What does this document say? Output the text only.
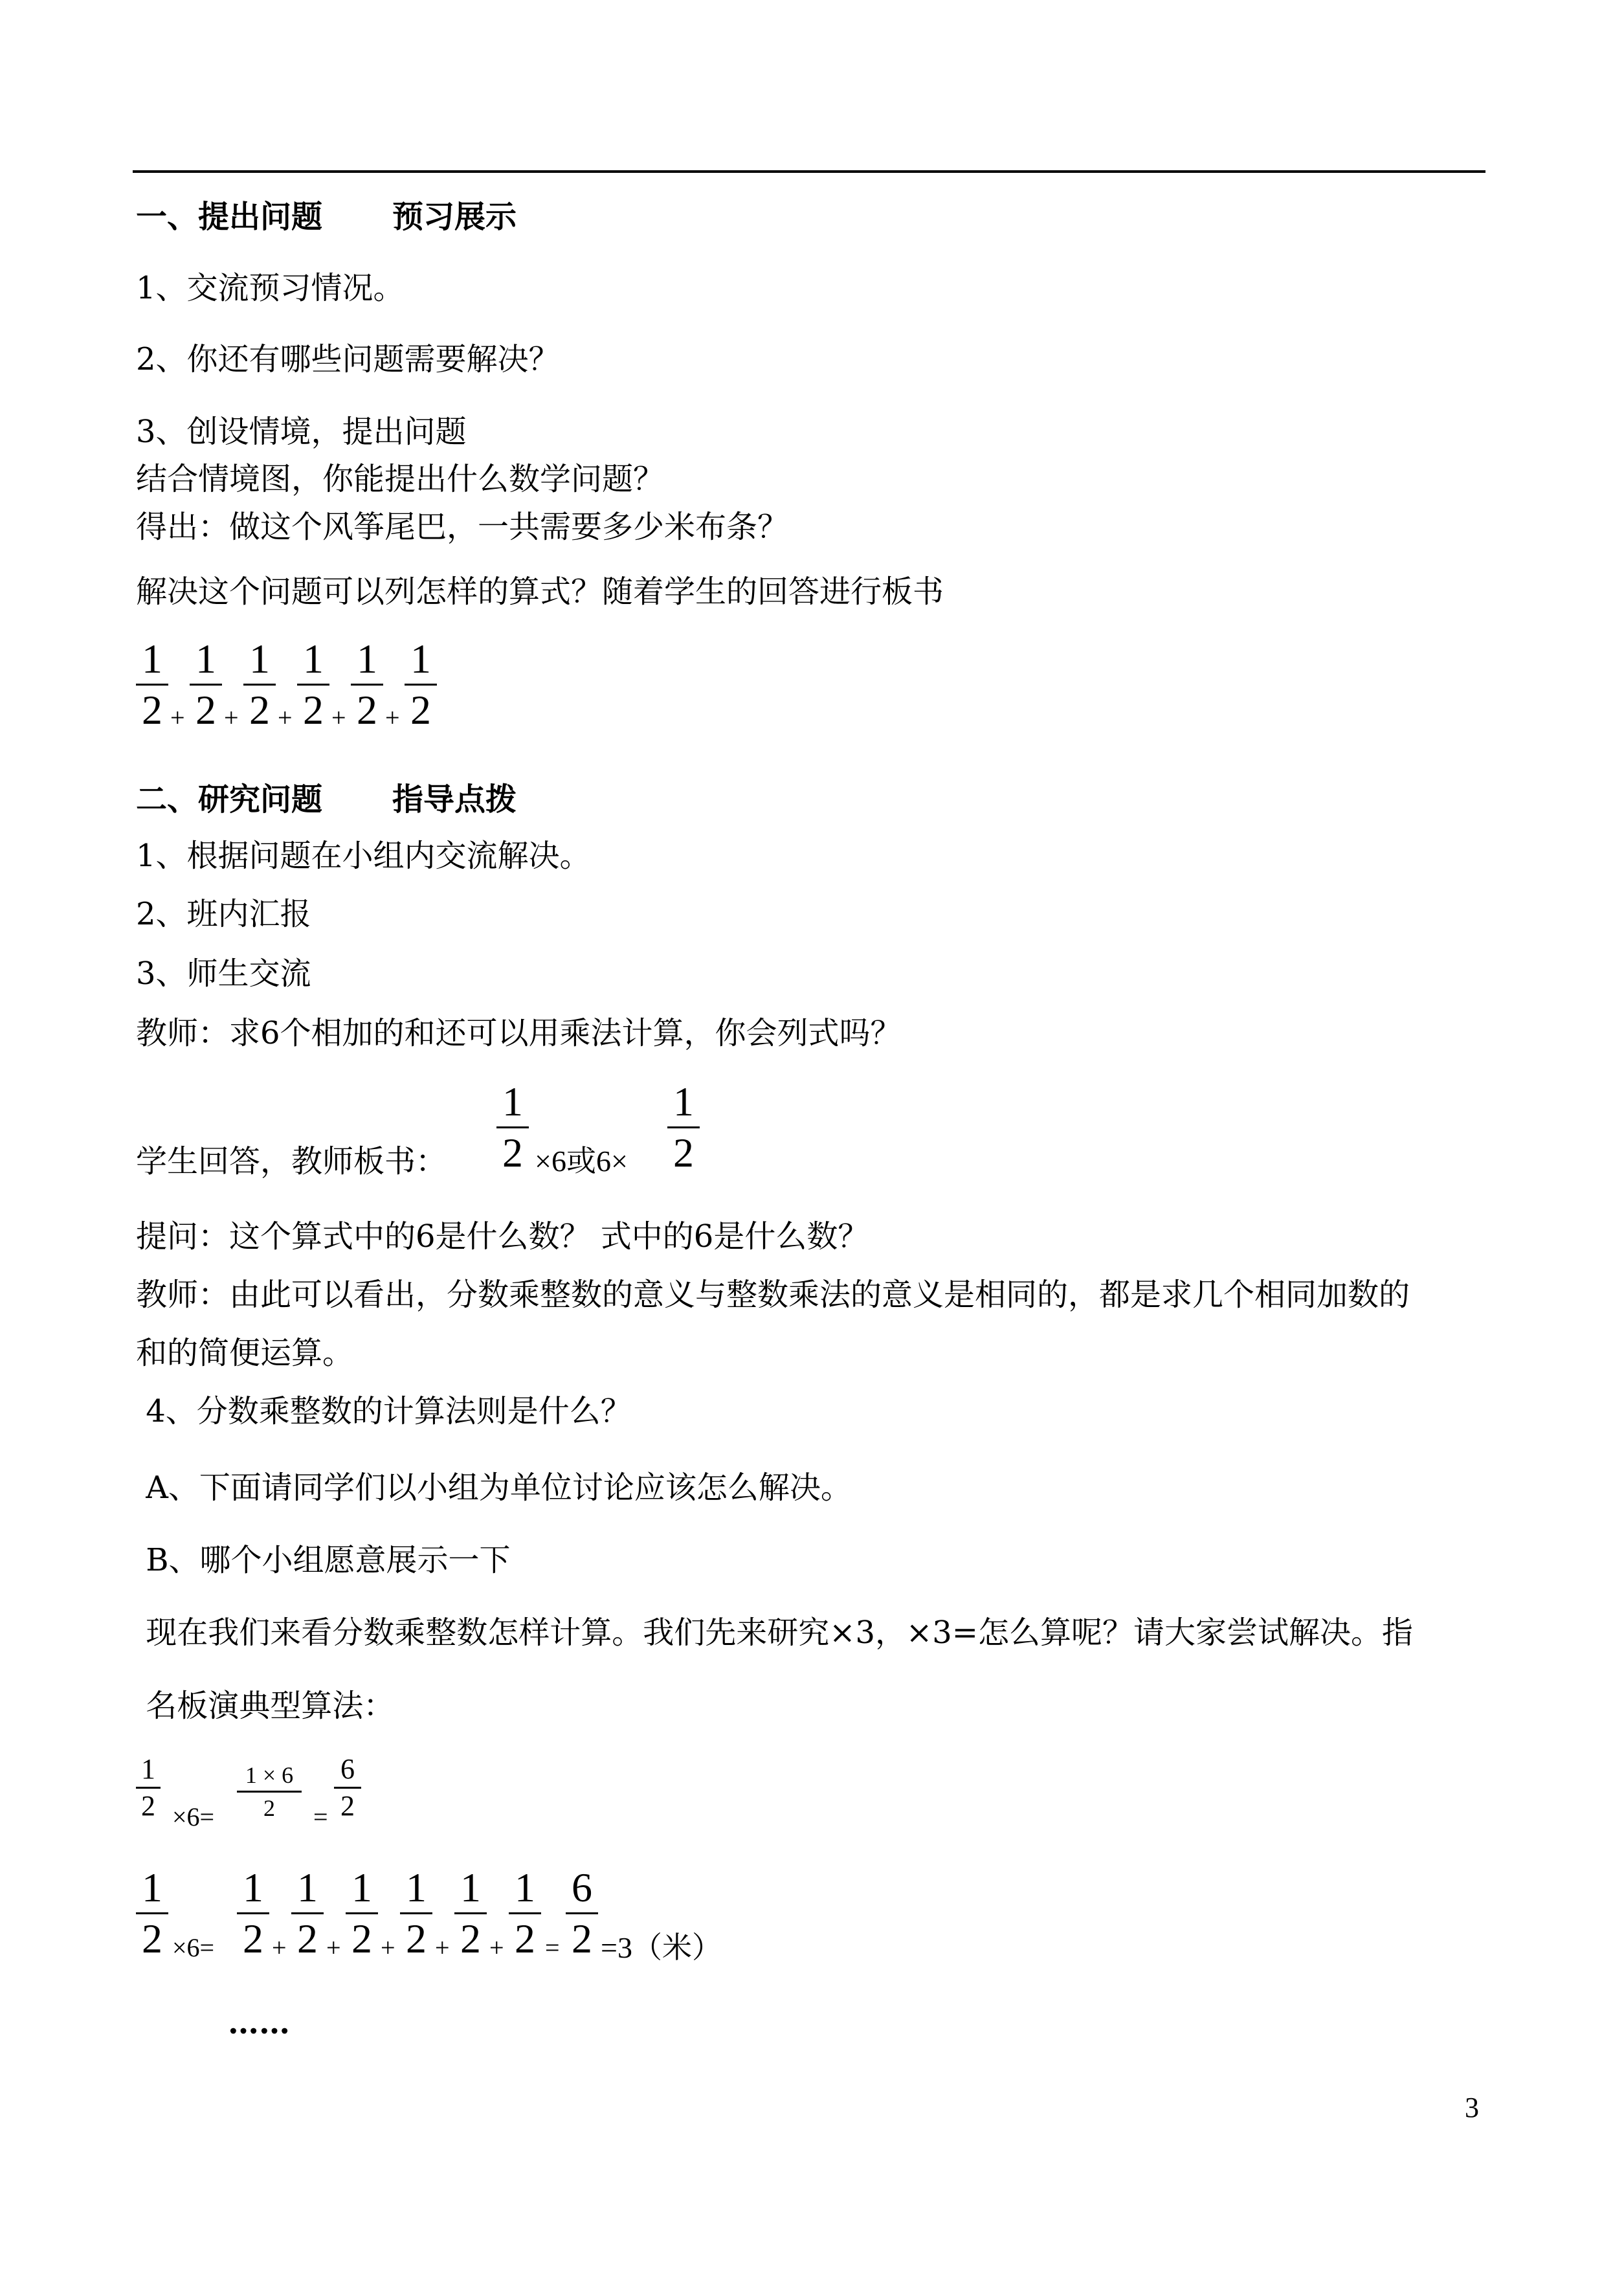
一、提出问题 预习展示
1、交流预习情况。
2、你还有哪些问题需要解决？
3、创设情境，提出问题
结合情境图，你能提出什么数学问题？
得出：做这个风筝尾巴，一共需要多少米布条？
解决这个问题可以列怎样的算式？随着学生的回答进行板书
1
2 +
1
2 +
1
2 +
1
2 +
1
2 +
1
2
二、研究问题 指导点拨
1、根据问题在小组内交流解决。
2、班内汇报
3、师生交流
教师：求6个相加的和还可以用乘法计算，你会列式吗？
学生回答，教师板书：
1
2 ×6或6×
1
2
提问：这个算式中的6是什么数？ 式中的6是什么数？
教师：由此可以看出，分数乘整数的意义与整数乘法的意义是相同的，都是求几个相同加数的
和的简便运算。
4、分数乘整数的计算法则是什么？
A、下面请同学们以小组为单位讨论应该怎么解决。
B、哪个小组愿意展示一下
现在我们来看分数乘整数怎样计算。我们先来研究×3，×3=怎么算呢？请大家尝试解决。指
名板演典型算法：
1
2 ×6=
1 × 6
2	=
6
2
1
2 ×6=
1
2 +
1
2 +
1
2 +
1
2 +
1
2 +
1
2 =
6
2 =3（米）
……
3
